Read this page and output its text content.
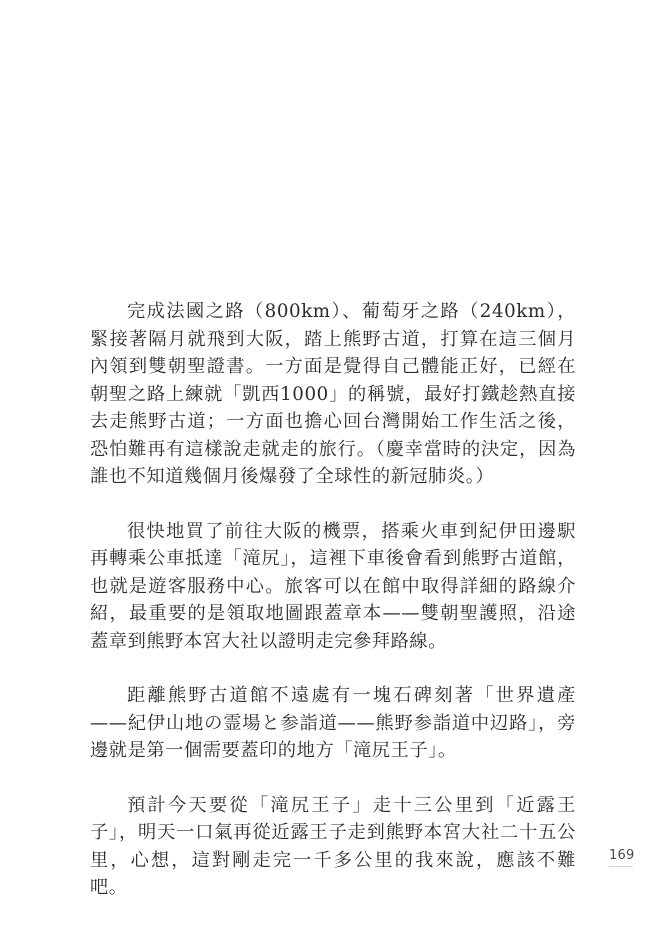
完成法國之路（800km）、葡萄牙之路（240km），緊接著隔月就飛到大阪，踏上熊野古道，打算在這三個月內領到雙朝聖證書。一方面是覺得自己體能正好，已經在朝聖之路上練就「凱西1000」的稱號，最好打鐵趁熱直接去走熊野古道；一方面也擔心回台灣開始工作生活之後，恐怕難再有這樣說走就走的旅行。（慶幸當時的決定，因為誰也不知道幾個月後爆發了全球性的新冠肺炎。）

很快地買了前往大阪的機票，搭乘火車到紀伊田邊駅再轉乘公車抵達「滝尻」，這裡下車後會看到熊野古道館，也就是遊客服務中心。旅客可以在館中取得詳細的路線介紹，最重要的是領取地圖跟蓋章本——雙朝聖護照，沿途蓋章到熊野本宮大社以證明走完參拜路線。

距離熊野古道館不遠處有一塊石碑刻著「世界遺產——紀伊山地の霊場と参詣道——熊野参詣道中辺路」，旁邊就是第一個需要蓋印的地方「滝尻王子」。

預計今天要從「滝尻王子」走十三公里到「近露王子」，明天一口氣再從近露王子走到熊野本宮大社二十五公里，心想，這對剛走完一千多公里的我來說，應該不難吧。

169
